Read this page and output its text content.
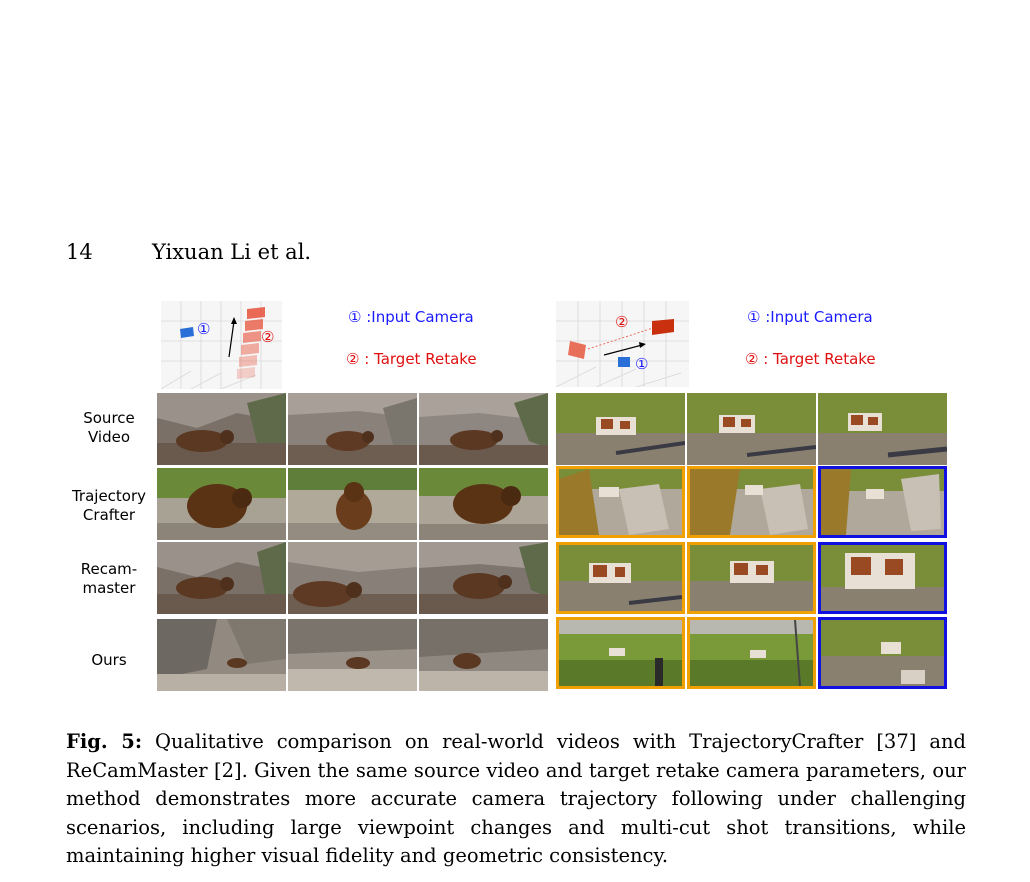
14	Yixuan Li et al.
①	②
① :Input Camera
② : Target Retake
②
①
① :Input Camera
② : Target Retake
Source
Video
Trajectory
Crafter
Recam-
master
Ours
Fig. 5: Qualitative comparison on real-world videos with TrajectoryCrafter [37] and ReCamMaster [2]. Given the same source video and target retake camera parameters, our method demonstrates more accurate camera trajectory following under challenging scenarios, including large viewpoint changes and multi-cut shot transitions, while maintaining higher visual fidelity and geometric consistency.
